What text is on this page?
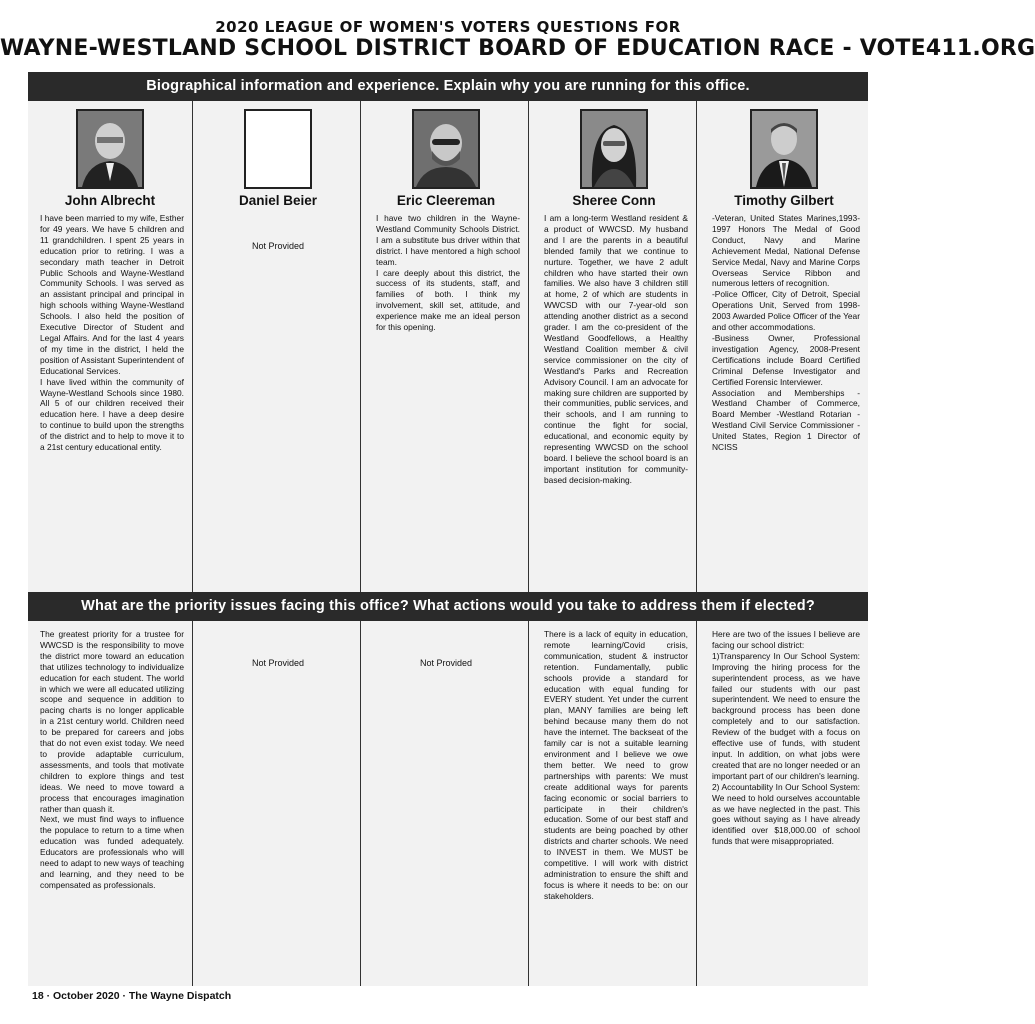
2020 LEAGUE OF WOMEN'S VOTERS QUESTIONS FOR
WAYNE-WESTLAND SCHOOL DISTRICT BOARD OF EDUCATION RACE - VOTE411.ORG
Biographical information and experience. Explain why you are running for this office.
John Albrecht

I have been married to my wife, Esther for 49 years. We have 5 children and 11 grandchildren. I spent 25 years in education prior to retiring. I was a secondary math teacher in Detroit Public Schools and Wayne-Westland Community Schools. I was served as an assistant principal and principal in high schools withing Wayne-Westland Schools. I also held the position of Executive Director of Student and Legal Affairs. And for the last 4 years of my time in the district, I held the position of Assistant Superintendent of Educational Services.

I have lived within the community of Wayne-Westland Schools since 1980. All 5 of our children received their education here. I have a deep desire to continue to build upon the strengths of the district and to help to move it to a 21st century educational entity.

Daniel Beier
Not Provided
Eric Cleereman

I have two children in the Wayne-Westland Community Schools District. I am a substitute bus driver within that district. I have mentored a high school team.

I care deeply about this district, the success of its students, staff, and families of both. I think my involvement, skill set, attitude, and experience make me an ideal person for this opening.

Sheree Conn

I am a long-term Westland resident & a product of WWCSD. My husband and I are the parents in a beautiful blended family that we continue to nurture. Together, we have 2 adult children who have started their own families. We also have 3 children still at home, 2 of which are students in WWCSD with our 7-year-old son attending another district as a second grader. I am the co-president of the Westland Goodfellows, a Healthy Westland Coalition member & civil service commissioner on the city of Westland's Parks and Recreation Advisory Council. I am an advocate for making sure children are supported by their communities, public services, and their schools, and I am running to continue the fight for social, educational, and economic equity by representing WWCSD on the school board. I believe the school board is an important institution for community-based decision-making.

Timothy Gilbert

-Veteran, United States Marines,1993-1997 Honors The Medal of Good Conduct, Navy and Marine Achievement Medal, National Defense Service Medal, Navy and Marine Corps Overseas Service Ribbon and numerous letters of recognition.

-Police Officer, City of Detroit, Special Operations Unit, Served from 1998-2003 Awarded Police Officer of the Year and other accommodations.

-Business Owner, Professional investigation Agency, 2008-Present Certifications include Board Certified Criminal Defense Investigator and Certified Forensic Interviewer.

Association and Memberships - Westland Chamber of Commerce, Board Member -Westland Rotarian -Westland Civil Service Commissioner -United States, Region 1 Director of NCISS

What are the priority issues facing this office? What actions would you take to address them if elected?

The greatest priority for a trustee for WWCSD is the responsibility to move the district more toward an education that utilizes technology to individualize education for each student. The world in which we were all educated utilizing scope and sequence in addition to pacing charts is no longer applicable in a 21st century world. Children need to be prepared for careers and jobs that do not even exist today. We need to provide adaptable curriculum, assessments, and tools that motivate children to explore things and test ideas. We need to move toward a process that encourages imagination rather than quash it.

Next, we must find ways to influence the populace to return to a time when education was funded adequately. Educators are professionals who will need to adapt to new ways of teaching and learning, and they need to be compensated as professionals.

Not Provided	Not Provided

There is a lack of equity in education, remote learning/Covid crisis, communication, student & instructor retention. Fundamentally, public schools provide a standard for education with equal funding for EVERY student. Yet under the current plan, MANY families are being left behind because many them do not have the internet. The backseat of the family car is not a suitable learning environment and I believe we owe them better. We need to grow partnerships with parents: We must create additional ways for parents facing economic or social barriers to participate in their children's education. Some of our best staff and students are being poached by other districts and charter schools. We need to INVEST in them. We MUST be competitive. I will work with district administration to ensure the shift and focus is where it needs to be: on our stakeholders.

Here are two of the issues I believe are facing our school district:

1)Transparency In Our School System: Improving the hiring process for the superintendent process, as we have failed our students with our past superintendent. We need to ensure the background process has been done completely and to our satisfaction. Review of the budget with a focus on effective use of funds, with student input. In addition, on what jobs were created that are no longer needed or an important part of our children's learning.

2) Accountability In Our School System: We need to hold ourselves accountable as we have neglected in the past. This goes without saying as I have already identified over $18,000.00 of school funds that were misappropriated.

18 · October 2020 · The Wayne Dispatch
